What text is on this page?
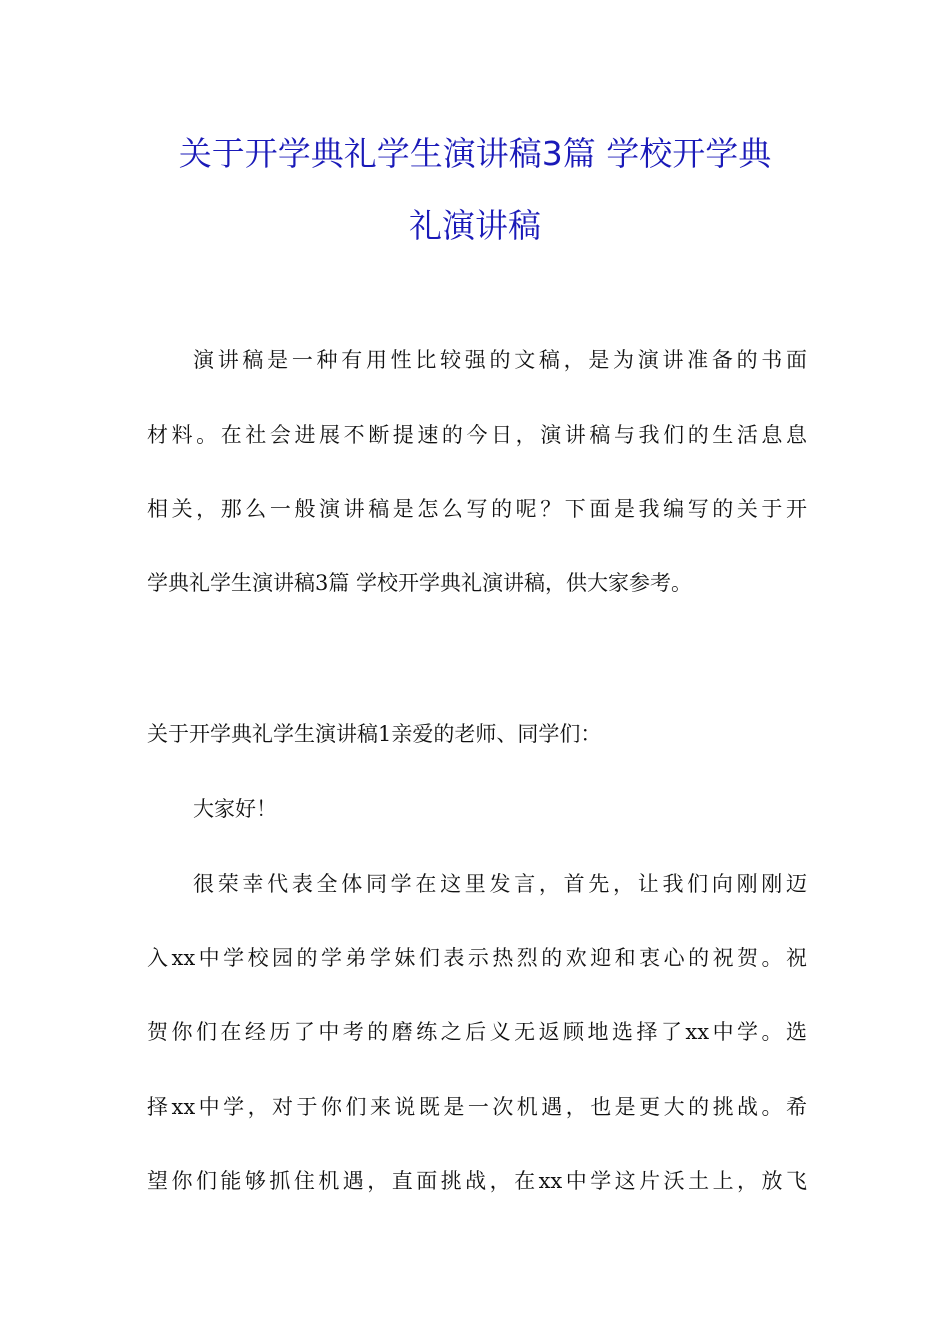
关于开学典礼学生演讲稿3篇 学校开学典
礼演讲稿
演讲稿是一种有用性比较强的文稿，是为演讲准备的书面
材料。在社会进展不断提速的今日，演讲稿与我们的生活息息
相关，那么一般演讲稿是怎么写的呢？下面是我编写的关于开
学典礼学生演讲稿3篇 学校开学典礼演讲稿，供大家参考。
关于开学典礼学生演讲稿1亲爱的老师、同学们：
大家好！
很荣幸代表全体同学在这里发言，首先，让我们向刚刚迈
入xx中学校园的学弟学妹们表示热烈的欢迎和衷心的祝贺。祝
贺你们在经历了中考的磨练之后义无返顾地选择了xx中学。选
择xx中学，对于你们来说既是一次机遇，也是更大的挑战。希
望你们能够抓住机遇，直面挑战，在xx中学这片沃土上，放飞
